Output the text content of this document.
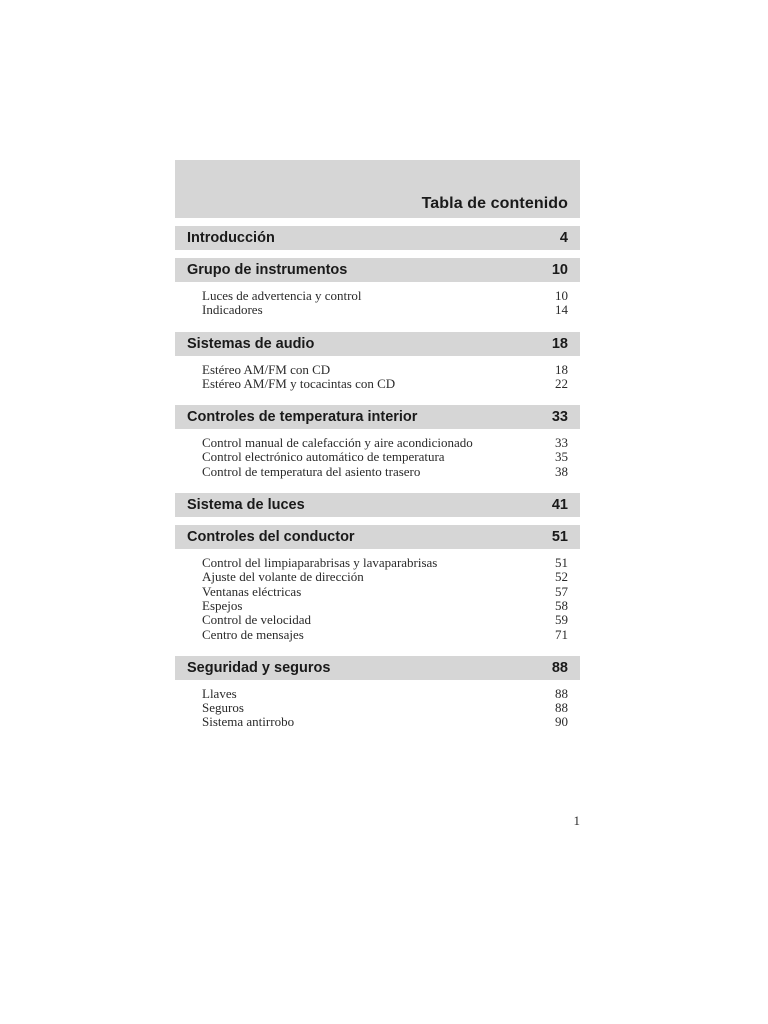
Tabla de contenido
Introducción	4
Grupo de instrumentos	10
Luces de advertencia y control	10
Indicadores	14
Sistemas de audio	18
Estéreo AM/FM con CD	18
Estéreo AM/FM y tocacintas con CD	22
Controles de temperatura interior	33
Control manual de calefacción y aire acondicionado	33
Control electrónico automático de temperatura	35
Control de temperatura del asiento trasero	38
Sistema de luces	41
Controles del conductor	51
Control del limpiaparabrisas y lavaparabrisas	51
Ajuste del volante de dirección	52
Ventanas eléctricas	57
Espejos	58
Control de velocidad	59
Centro de mensajes	71
Seguridad y seguros	88
Llaves	88
Seguros	88
Sistema antirrobo	90
1
